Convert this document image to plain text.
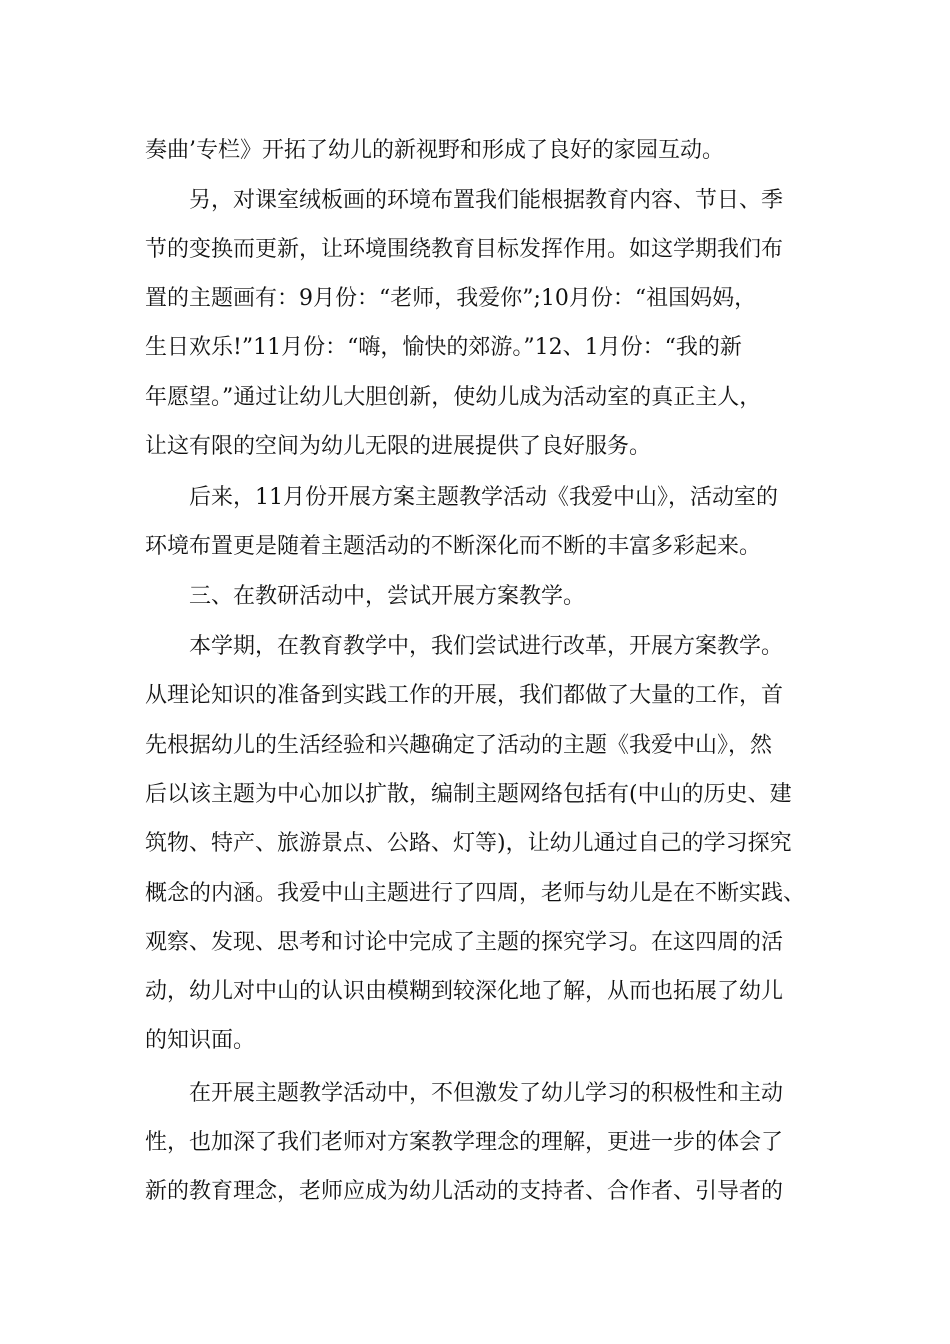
奏曲’专栏》开拓了幼儿的新视野和形成了良好的家园互动。
另，对课室绒板画的环境布置我们能根据教育内容、节日、季
节的变换而更新，让环境围绕教育目标发挥作用。如这学期我们布
置的主题画有：9月份：“老师，我爱你”;10月份：“祖国妈妈，
生日欢乐!”11月份：“嗨，愉快的郊游。”12、1月份：“我的新
年愿望。”通过让幼儿大胆创新，使幼儿成为活动室的真正主人，
让这有限的空间为幼儿无限的进展提供了良好服务。
后来，11月份开展方案主题教学活动《我爱中山》，活动室的
环境布置更是随着主题活动的不断深化而不断的丰富多彩起来。
三、在教研活动中，尝试开展方案教学。
本学期，在教育教学中，我们尝试进行改革，开展方案教学。
从理论知识的准备到实践工作的开展，我们都做了大量的工作，首
先根据幼儿的生活经验和兴趣确定了活动的主题《我爱中山》，然
后以该主题为中心加以扩散，编制主题网络包括有(中山的历史、建
筑物、特产、旅游景点、公路、灯等)，让幼儿通过自己的学习探究
概念的内涵。我爱中山主题进行了四周，老师与幼儿是在不断实践、
观察、发现、思考和讨论中完成了主题的探究学习。在这四周的活
动，幼儿对中山的认识由模糊到较深化地了解，从而也拓展了幼儿
的知识面。
在开展主题教学活动中，不但激发了幼儿学习的积极性和主动
性，也加深了我们老师对方案教学理念的理解，更进一步的体会了
新的教育理念，老师应成为幼儿活动的支持者、合作者、引导者的
